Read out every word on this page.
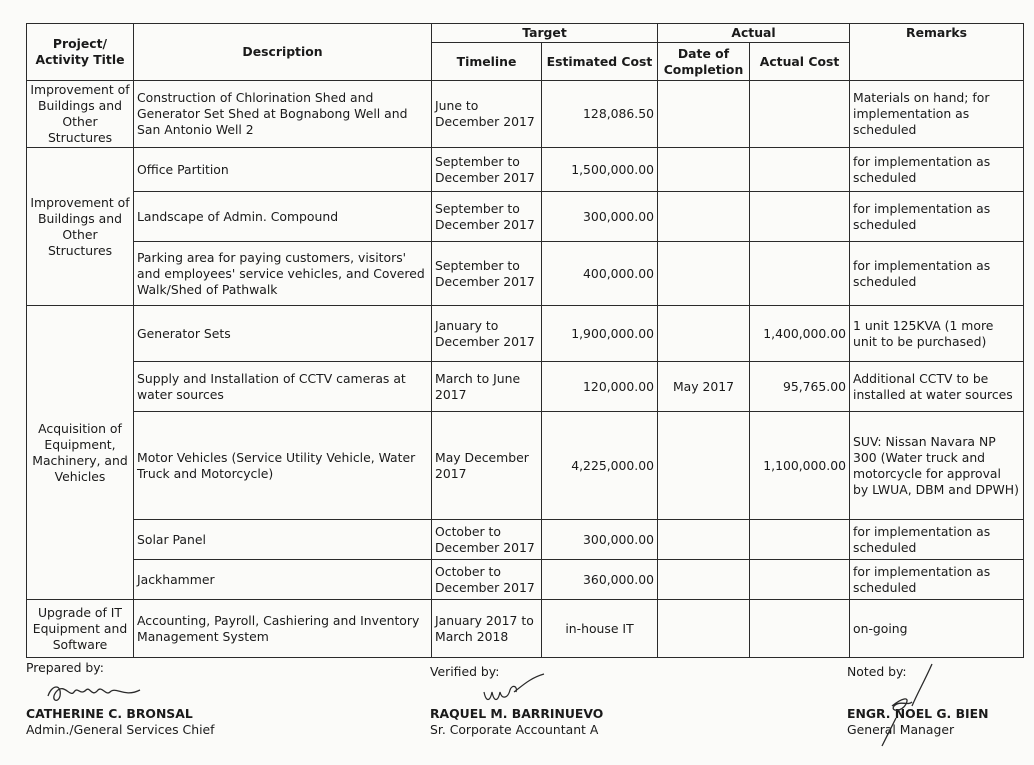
Project/ Activity Title	Description	Target		Actual		Remarks
		Timeline	Estimated Cost	Date of Completion	Actual Cost	
Improvement of Buildings and Other Structures	Construction of Chlorination Shed and Generator Set Shed at Bognabong Well and San Antonio Well 2	June to December 2017	128,086.50			Materials on hand; for implementation as scheduled
Improvement of Buildings and Other Structures	Office Partition	September to December 2017	1,500,000.00			for implementation as scheduled
	Landscape of Admin. Compound	September to December 2017	300,000.00			for implementation as scheduled
	Parking area for paying customers, visitors' and employees' service vehicles, and Covered Walk/Shed of Pathwalk	September to December 2017	400,000.00			for implementation as scheduled
Acquisition of Equipment, Machinery, and Vehicles	Generator Sets	January to December 2017	1,900,000.00		1,400,000.00	1 unit 125KVA (1 more unit to be purchased)
	Supply and Installation of CCTV cameras at water sources	March to June 2017	120,000.00	May 2017	95,765.00	Additional CCTV to be installed at water sources
	Motor Vehicles (Service Utility Vehicle, Water Truck and Motorcycle)	May December 2017	4,225,000.00		1,100,000.00	SUV: Nissan Navara NP 300 (Water truck and motorcycle for approval by LWUA, DBM and DPWH)
	Solar Panel	October to December 2017	300,000.00			for implementation as scheduled
	Jackhammer	October to December 2017	360,000.00			for implementation as scheduled
Upgrade of IT Equipment and Software	Accounting, Payroll, Cashiering and Inventory Management System	January 2017 to March 2018	in-house IT			on-going
Prepared by:
CATHERINE C. BRONSAL
Admin./General Services Chief
Verified by:
RAQUEL M. BARRINUEVO
Sr. Corporate Accountant A
Noted by:
ENGR. NOEL G. BIEN
General Manager
